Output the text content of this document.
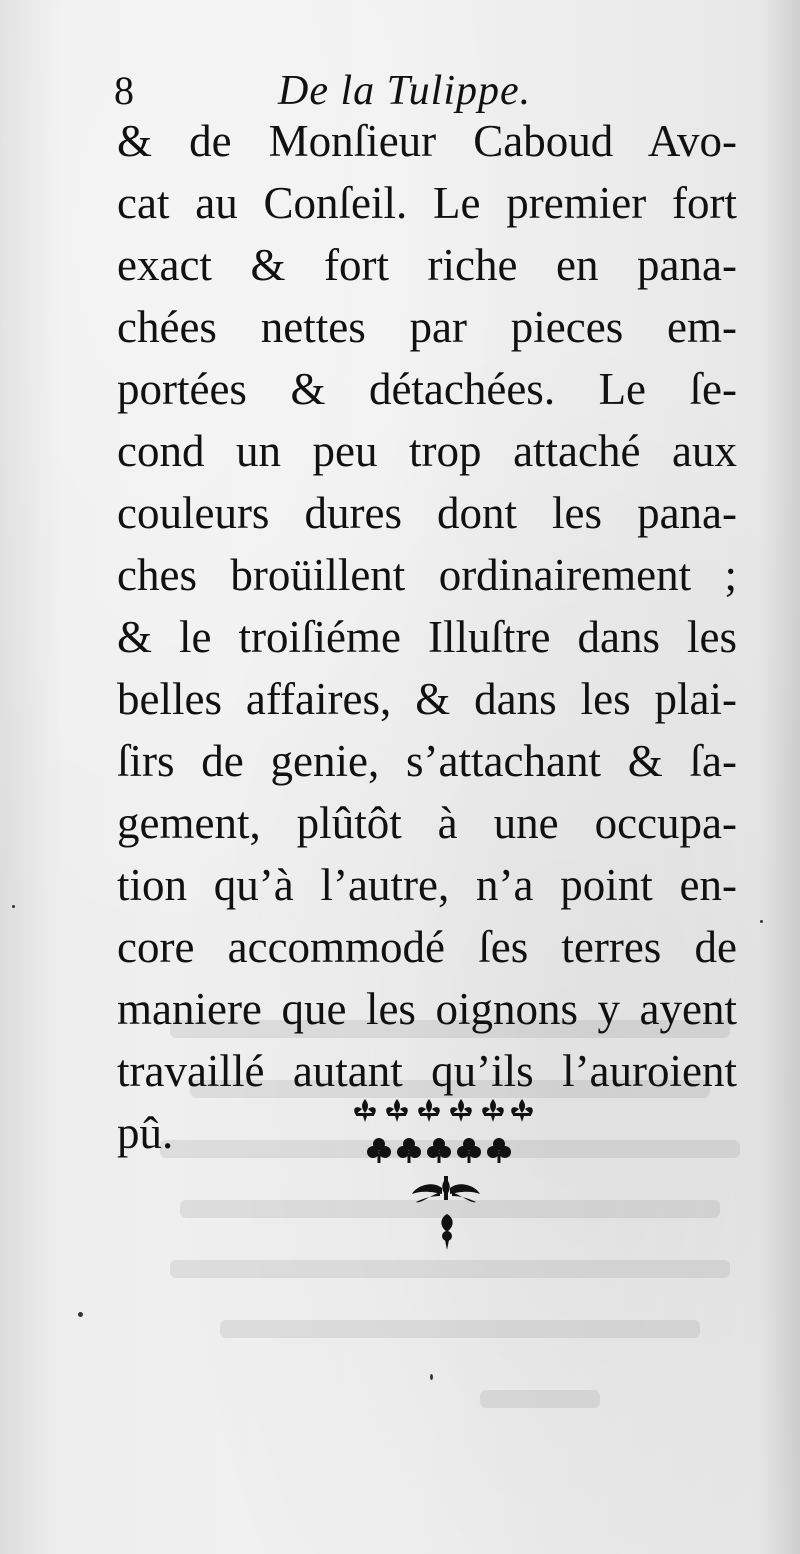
8	De la Tulippe.
& de Monſieur Caboud Avo-
cat au Conſeil. Le premier fort
exact & fort riche en pana-
chées nettes par pieces em-
portées & détachées. Le ſe-
cond un peu trop attaché aux
couleurs dures dont les pana-
ches broüillent ordinairement ;
& le troiſiéme Illuſtre dans les
belles affaires, & dans les plai-
ſirs de genie, s’attachant & ſa-
gement, plûtôt à une occupa-
tion qu’à l’autre, n’a point en-
core accommodé ſes terres de
maniere que les oignons y ayent
travaillé autant qu’ils l’auroient
pû.
